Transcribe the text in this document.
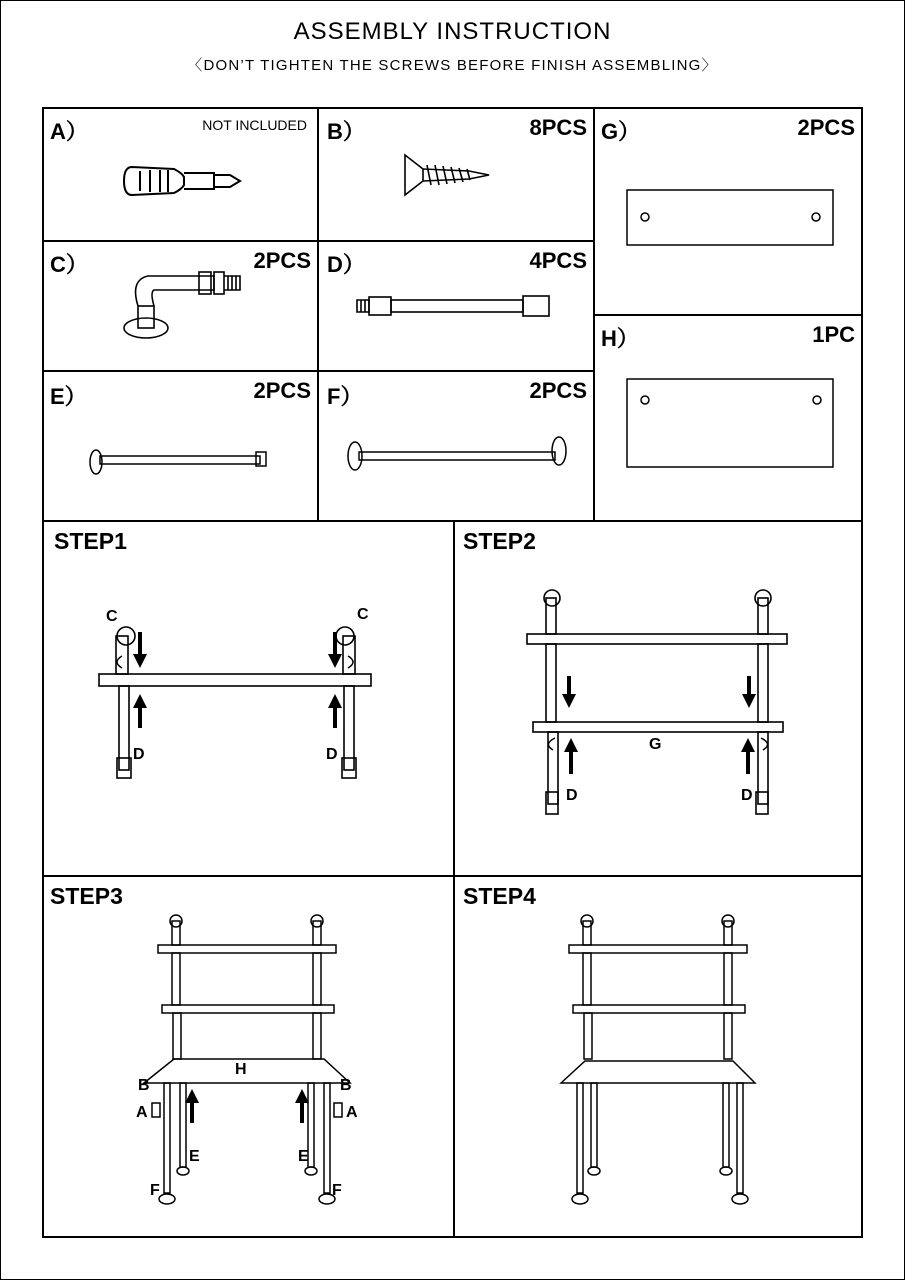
ASSEMBLY INSTRUCTION
〈DON’T TIGHTEN THE SCREWS BEFORE FINISH ASSEMBLING〉
A）	NOT INCLUDED B）	8PCS G）	2PCS
C）	2PCS D）	4PCS
H）	1PC
E）	2PCS F）	2PCS
STEP1
C	C
D	D
STEP2
G
D	D
STEP3
H
B	B
A	A
E	E
F	F
STEP4
